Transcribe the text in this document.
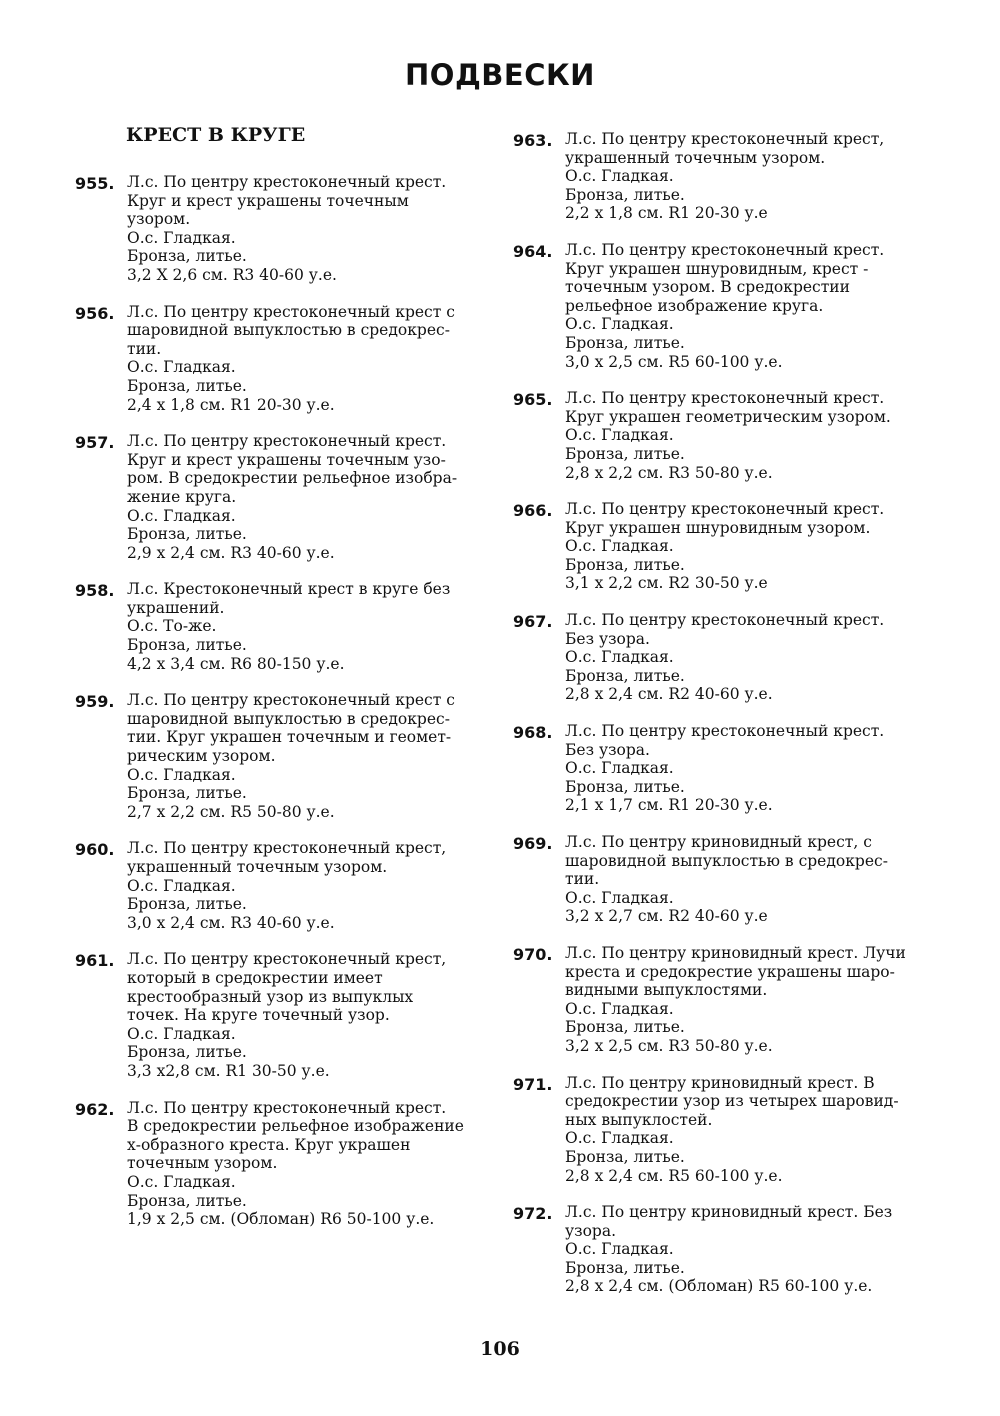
ПОДВЕСКИ
КРЕСТ В КРУГЕ
955. Л.с. По центру крестоконечный крест.
Круг и крест украшены точечным
узором.
О.с. Гладкая.
Бронза, литье.
3,2 Х 2,6 см. R3 40-60 у.е.
956. Л.с. По центру крестоконечный крест с
шаровидной выпуклостью в средокрес-
тии.
О.с. Гладкая.
Бронза, литье.
2,4 х 1,8 см. R1 20-30 у.е.
957. Л.с. По центру крестоконечный крест.
Круг и крест украшены точечным узо-
ром. В средокрестии рельефное изобра-
жение круга.
О.с. Гладкая.
Бронза, литье.
2,9 х 2,4 см. R3 40-60 у.е.
958. Л.с. Крестоконечный крест в круге без
украшений.
О.с. То-же.
Бронза, литье.
4,2 х 3,4 см. R6 80-150 у.е.
959. Л.с. По центру крестоконечный крест с
шаровидной выпуклостью в средокрес-
тии. Круг украшен точечным и геомет-
рическим узором.
О.с. Гладкая.
Бронза, литье.
2,7 х 2,2 см. R5 50-80 у.е.
960. Л.с. По центру крестоконечный крест,
украшенный точечным узором.
О.с. Гладкая.
Бронза, литье.
3,0 х 2,4 см. R3 40-60 у.е.
961. Л.с. По центру крестоконечный крест,
который в средокрестии имеет
крестообразный узор из выпуклых
точек. На круге точечный узор.
О.с. Гладкая.
Бронза, литье.
3,3 х2,8 см. R1 30-50 у.е.
962. Л.с. По центру крестоконечный крест.
В средокрестии рельефное изображение
х-образного креста. Круг украшен
точечным узором.
О.с. Гладкая.
Бронза, литье.
1,9 х 2,5 см. (Обломан) R6 50-100 у.е.
963. Л.с. По центру крестоконечный крест,
украшенный точечным узором.
О.с. Гладкая.
Бронза, литье.
2,2 х 1,8 см. R1 20-30 у.е
964. Л.с. По центру крестоконечный крест.
Круг украшен шнуровидным, крест -
точечным узором. В средокрестии
рельефное изображение круга.
О.с. Гладкая.
Бронза, литье.
3,0 х 2,5 см. R5 60-100 у.е.
965. Л.с. По центру крестоконечный крест.
Круг украшен геометрическим узором.
О.с. Гладкая.
Бронза, литье.
2,8 х 2,2 см. R3 50-80 у.е.
966. Л.с. По центру крестоконечный крест.
Круг украшен шнуровидным узором.
О.с. Гладкая.
Бронза, литье.
3,1 х 2,2 см. R2 30-50 у.е
967. Л.с. По центру крестоконечный крест.
Без узора.
О.с. Гладкая.
Бронза, литье.
2,8 х 2,4 см. R2 40-60 у.е.
968. Л.с. По центру крестоконечный крест.
Без узора.
О.с. Гладкая.
Бронза, литье.
2,1 х 1,7 см. R1 20-30 у.е.
969. Л.с. По центру криновидный крест, с
шаровидной выпуклостью в средокрес-
тии.
О.с. Гладкая.
3,2 х 2,7 см. R2 40-60 у.е
970. Л.с. По центру криновидный крест. Лучи
креста и средокрестие украшены шаро-
видными выпуклостями.
О.с. Гладкая.
Бронза, литье.
3,2 х 2,5 см. R3 50-80 у.е.
971. Л.с. По центру криновидный крест. В
средокрестии узор из четырех шаровид-
ных выпуклостей.
О.с. Гладкая.
Бронза, литье.
2,8 х 2,4 см. R5 60-100 у.е.
972. Л.с. По центру криновидный крест. Без
узора.
О.с. Гладкая.
Бронза, литье.
2,8 х 2,4 см. (Обломан) R5 60-100 у.е.
106
